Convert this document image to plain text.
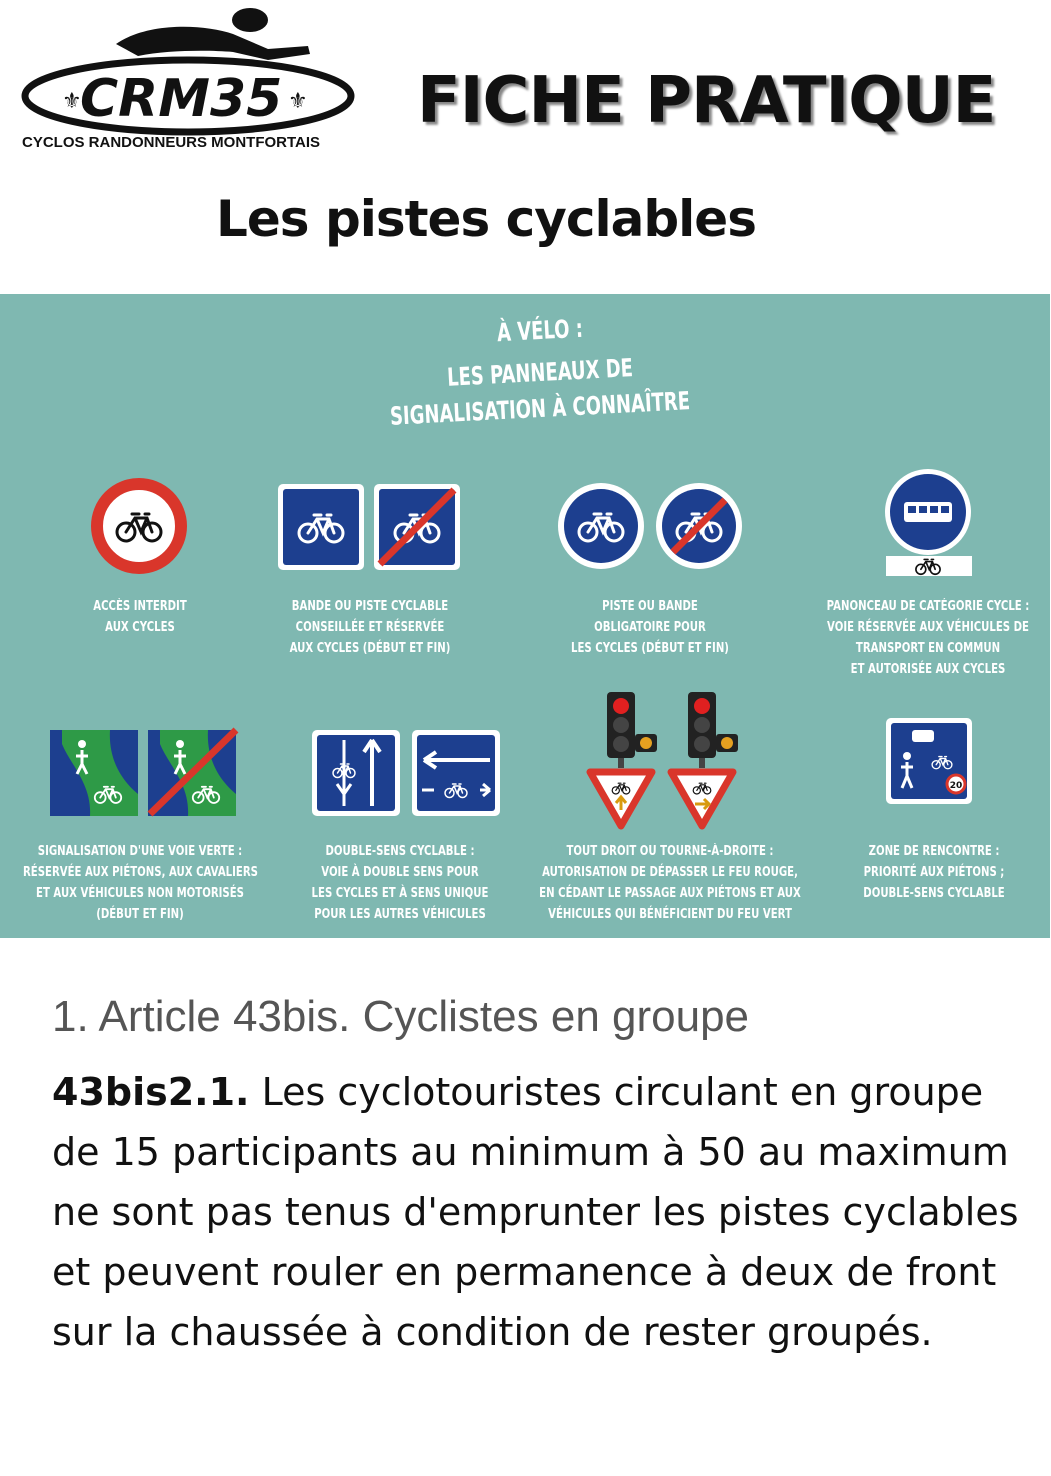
CRM35
⚜	⚜
CYCLOS RANDONNEURS MONTFORTAIS
FICHE PRATIQUE
Les pistes cyclables
À VÉLO :
LES PANNEAUX DE
SIGNALISATION À CONNAÎTRE
20
ACCÈS INTERDIT
AUX CYCLES
BANDE OU PISTE CYCLABLE
CONSEILLÉE ET RÉSERVÉE
AUX CYCLES (DÉBUT ET FIN)
PISTE OU BANDE
OBLIGATOIRE POUR
LES CYCLES (DÉBUT ET FIN)
PANONCEAU DE CATÉGORIE CYCLE :
VOIE RÉSERVÉE AUX VÉHICULES DE
TRANSPORT EN COMMUN
ET AUTORISÉE AUX CYCLES
SIGNALISATION D'UNE VOIE VERTE :
RÉSERVÉE AUX PIÉTONS, AUX CAVALIERS
ET AUX VÉHICULES NON MOTORISÉS
(DÉBUT ET FIN)
DOUBLE-SENS CYCLABLE :
VOIE À DOUBLE SENS POUR
LES CYCLES ET À SENS UNIQUE
POUR LES AUTRES VÉHICULES
TOUT DROIT OU TOURNE-À-DROITE :
AUTORISATION DE DÉPASSER LE FEU ROUGE,
EN CÉDANT LE PASSAGE AUX PIÉTONS ET AUX
VÉHICULES QUI BÉNÉFICIENT DU FEU VERT
ZONE DE RENCONTRE :
PRIORITÉ AUX PIÉTONS ;
DOUBLE-SENS CYCLABLE
1. Article 43bis. Cyclistes en groupe
43bis2.1. Les cyclotouristes circulant en groupe de 15 participants au minimum à 50 au maximum ne sont pas tenus d'emprunter les pistes cyclables et peuvent rouler en permanence à deux de front sur la chaussée à condition de rester groupés.
